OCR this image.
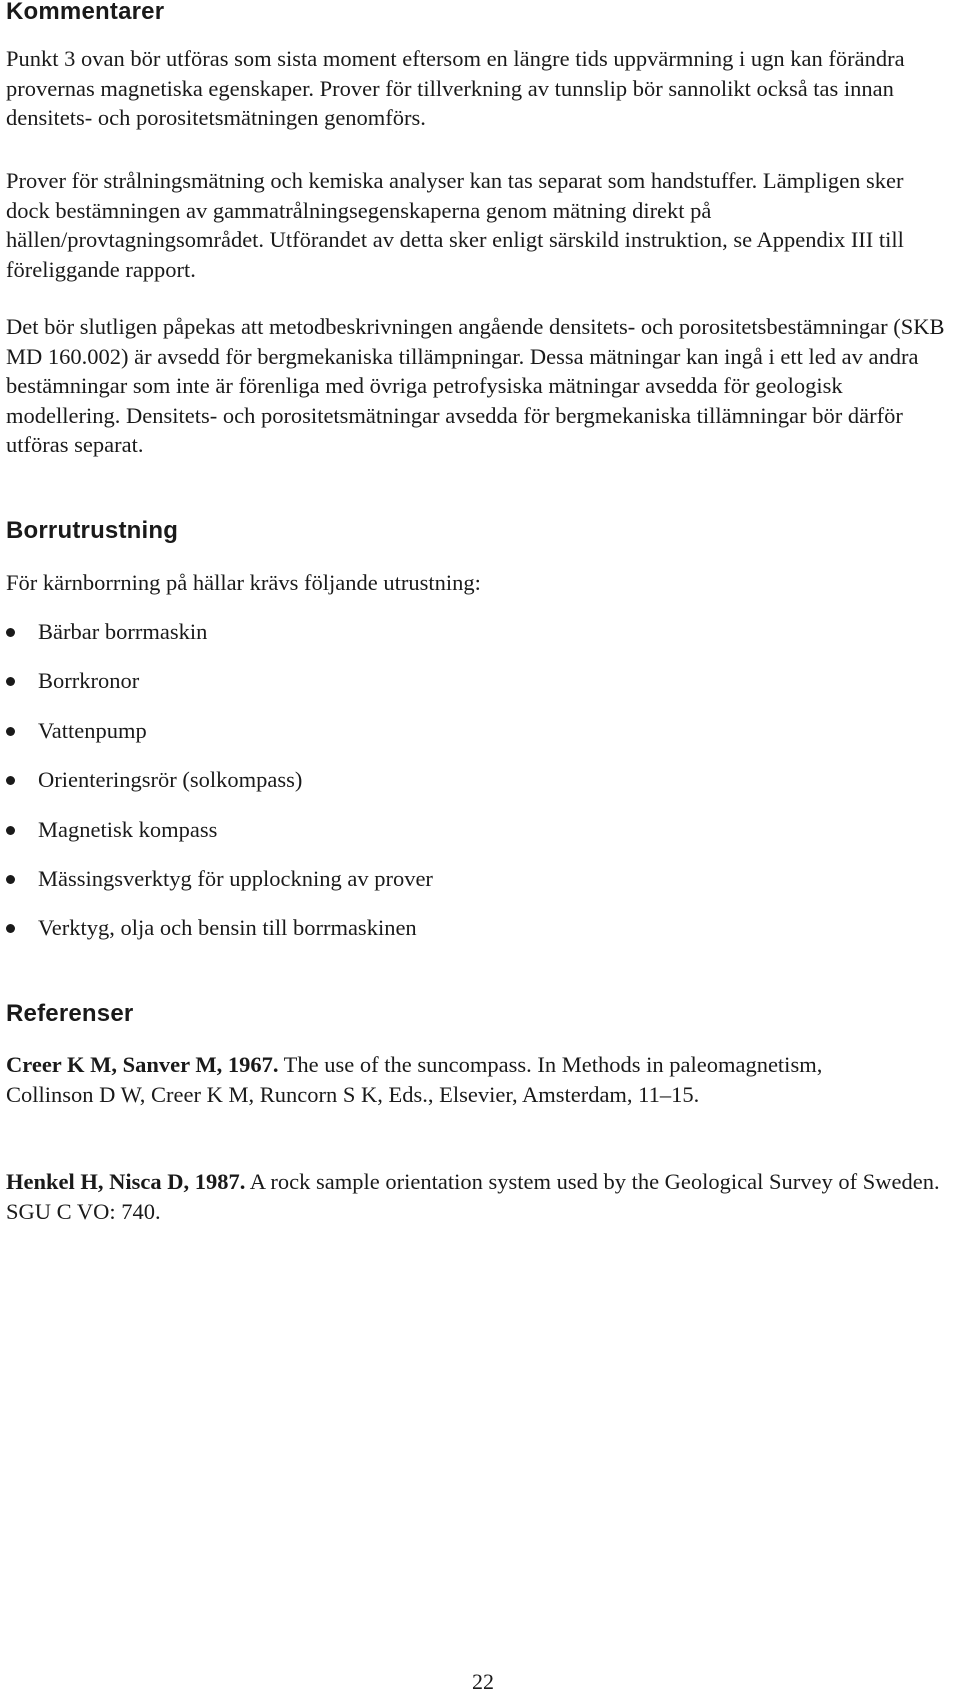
Kommentarer

Punkt 3 ovan bör utföras som sista moment eftersom en längre tids uppvärmning i ugn kan förändra provernas magnetiska egenskaper. Prover för tillverkning av tunnslip bör sannolikt också tas innan densitets- och porositetsmätningen genomförs.

Prover för strålningsmätning och kemiska analyser kan tas separat som handstuffer. Lämpligen sker dock bestämningen av gammatrålningsegenskaperna genom mätning direkt på hällen/provtagningsområdet. Utförandet av detta sker enligt särskild instruktion, se Appendix III till föreliggande rapport.

Det bör slutligen påpekas att metodbeskrivningen angående densitets- och porositetsbestämningar (SKB MD 160.002) är avsedd för bergmekaniska tillämpningar. Dessa mätningar kan ingå i ett led av andra bestämningar som inte är förenliga med övriga petrofysiska mätningar avsedda för geologisk modellering. Densitets- och porositetsmätningar avsedda för bergmekaniska tillämningar bör därför utföras separat.

Borrutrustning

För kärnborrning på hällar krävs följande utrustning:

Bärbar borrmaskin
Borrkronor
Vattenpump
Orienteringsrör (solkompass)
Magnetisk kompass
Mässingsverktyg för upplockning av prover
Verktyg, olja och bensin till borrmaskinen
Referenser

Creer K M, Sanver M, 1967. The use of the suncompass. In Methods in paleomagnetism, Collinson D W, Creer K M, Runcorn S K, Eds., Elsevier, Amsterdam, 11–15.

Henkel H, Nisca D, 1987. A rock sample orientation system used by the Geological Survey of Sweden. SGU C VO: 740.

22
